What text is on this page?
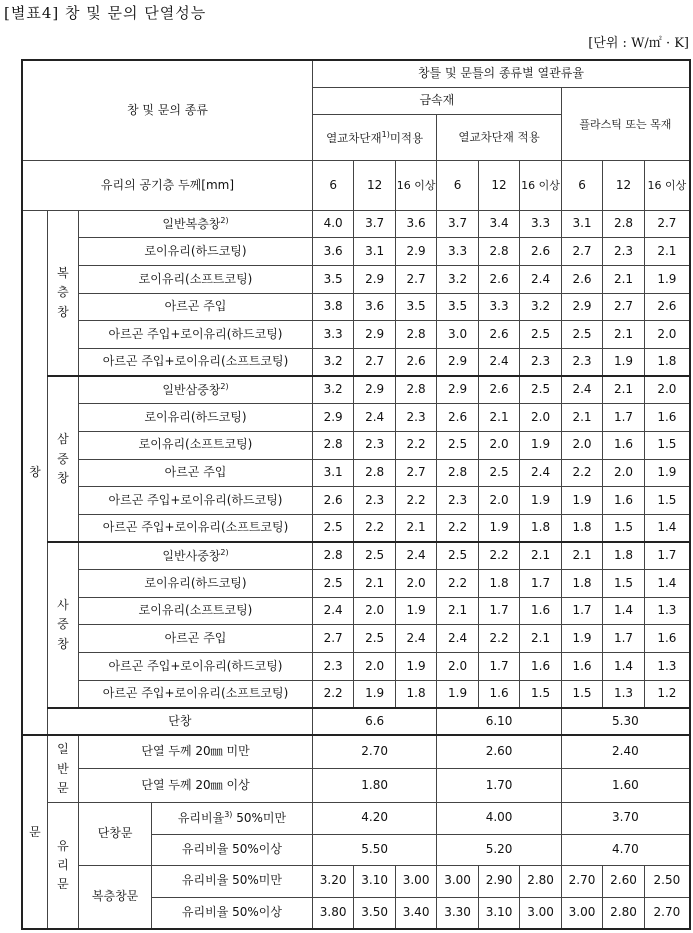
[별표4] 창 및 문의 단열성능
[단위 : W/㎡ · K]
창 및 문의 종류				창틀 및 문틀의 종류별 열관류율								
				금속재						플라스틱 또는 목재		
				열교차단재$^{1)}$미적용			열교차단재 적용					
유리의 공기층 두께[mm]				6	12	16 이상	6	12	16 이상	6	12	16 이상
창	복층창	일반복층창$^{2)}$		4.0	3.7	3.6	3.7	3.4	3.3	3.1	2.8	2.7
		로이유리(하드코팅)		3.6	3.1	2.9	3.3	2.8	2.6	2.7	2.3	2.1
		로이유리(소프트코팅)		3.5	2.9	2.7	3.2	2.6	2.4	2.6	2.1	1.9
		아르곤 주입		3.8	3.6	3.5	3.5	3.3	3.2	2.9	2.7	2.6
		아르곤 주입+로이유리(하드코팅)		3.3	2.9	2.8	3.0	2.6	2.5	2.5	2.1	2.0
		아르곤 주입+로이유리(소프트코팅)		3.2	2.7	2.6	2.9	2.4	2.3	2.3	1.9	1.8
	삼중창	일반삼중창$^{2)}$		3.2	2.9	2.8	2.9	2.6	2.5	2.4	2.1	2.0
		로이유리(하드코팅)		2.9	2.4	2.3	2.6	2.1	2.0	2.1	1.7	1.6
		로이유리(소프트코팅)		2.8	2.3	2.2	2.5	2.0	1.9	2.0	1.6	1.5
		아르곤 주입		3.1	2.8	2.7	2.8	2.5	2.4	2.2	2.0	1.9
		아르곤 주입+로이유리(하드코팅)		2.6	2.3	2.2	2.3	2.0	1.9	1.9	1.6	1.5
		아르곤 주입+로이유리(소프트코팅)		2.5	2.2	2.1	2.2	1.9	1.8	1.8	1.5	1.4
	사중창	일반사중창$^{2)}$		2.8	2.5	2.4	2.5	2.2	2.1	2.1	1.8	1.7
		로이유리(하드코팅)		2.5	2.1	2.0	2.2	1.8	1.7	1.8	1.5	1.4
		로이유리(소프트코팅)		2.4	2.0	1.9	2.1	1.7	1.6	1.7	1.4	1.3
		아르곤 주입		2.7	2.5	2.4	2.4	2.2	2.1	1.9	1.7	1.6
		아르곤 주입+로이유리(하드코팅)		2.3	2.0	1.9	2.0	1.7	1.6	1.6	1.4	1.3
		아르곤 주입+로이유리(소프트코팅)		2.2	1.9	1.8	1.9	1.6	1.5	1.5	1.3	1.2
	단창			6.6			6.10			5.30		
문	일반문	단열 두께 20㎜ 미만		2.70			2.60			2.40		
		단열 두께 20㎜ 이상		1.80			1.70			1.60		
	유리문	단창문	유리비율$^{3)}$ 50%미만	4.20			4.00			3.70		
			유리비율 50%이상	5.50			5.20			4.70		
		복층창문	유리비율 50%미만	3.20	3.10	3.00	3.00	2.90	2.80	2.70	2.60	2.50
			유리비율 50%이상	3.80	3.50	3.40	3.30	3.10	3.00	3.00	2.80	2.70
